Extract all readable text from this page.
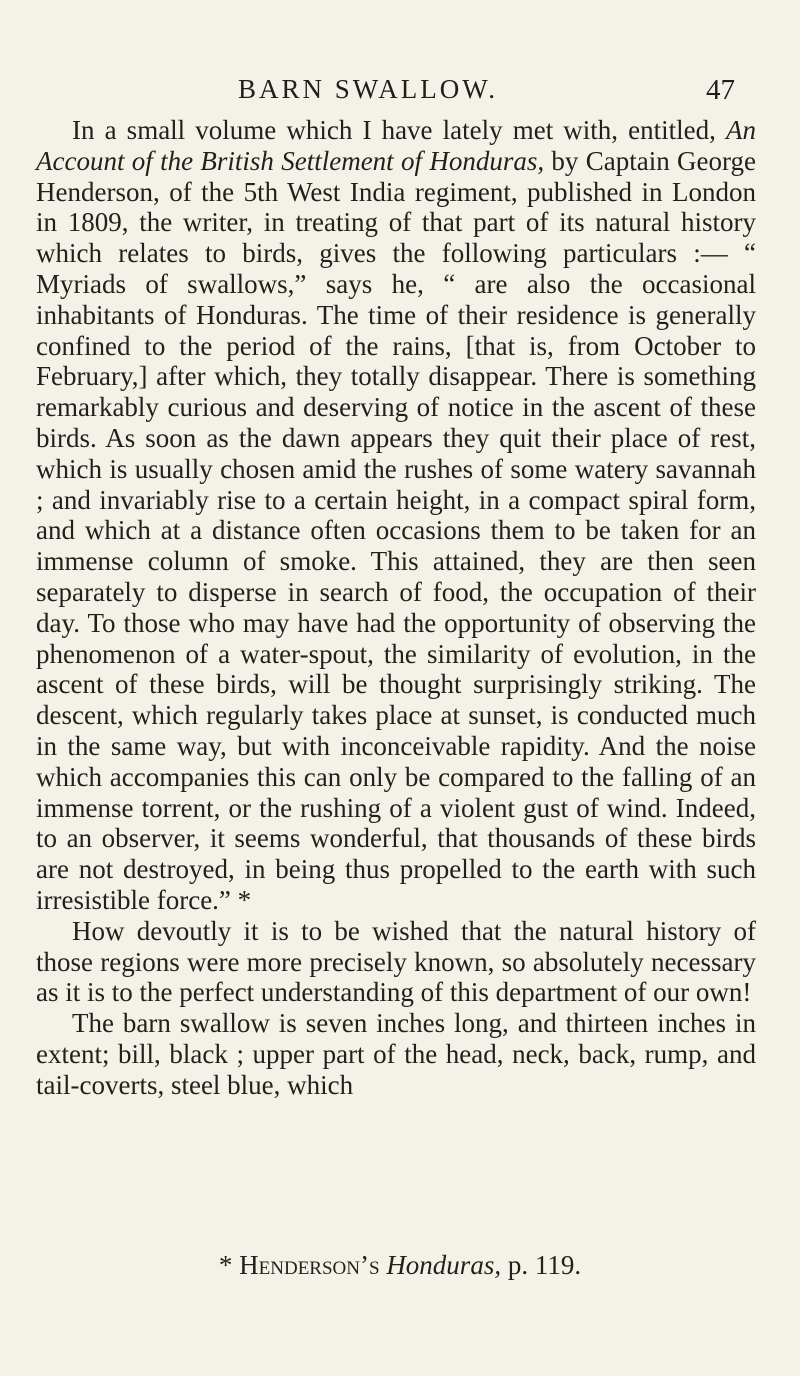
BARN SWALLOW.	47

In a small volume which I have lately met with, entitled, An Account of the British Settlement of Honduras, by Captain George Henderson, of the 5th West India regiment, published in London in 1809, the writer, in treating of that part of its natural history which relates to birds, gives the following particulars :— “ Myriads of swallows,” says he, “ are also the occasional inhabitants of Honduras. The time of their residence is generally confined to the period of the rains, [that is, from October to February,] after which, they totally disappear. There is something remarkably curious and deserving of notice in the ascent of these birds. As soon as the dawn appears they quit their place of rest, which is usually chosen amid the rushes of some watery savannah ; and invariably rise to a certain height, in a compact spiral form, and which at a distance often occasions them to be taken for an immense column of smoke. This attained, they are then seen separately to disperse in search of food, the occupation of their day. To those who may have had the opportunity of observing the phenomenon of a water-spout, the similarity of evolution, in the ascent of these birds, will be thought surprisingly striking. The descent, which regularly takes place at sunset, is conducted much in the same way, but with inconceivable rapidity. And the noise which accompanies this can only be compared to the falling of an immense torrent, or the rushing of a violent gust of wind. Indeed, to an observer, it seems wonderful, that thousands of these birds are not destroyed, in being thus propelled to the earth with such irresistible force.” *

How devoutly it is to be wished that the natural history of those regions were more precisely known, so absolutely necessary as it is to the perfect understanding of this department of our own!

The barn swallow is seven inches long, and thirteen inches in extent; bill, black ; upper part of the head, neck, back, rump, and tail-coverts, steel blue, which

* Henderson’s Honduras, p. 119.
